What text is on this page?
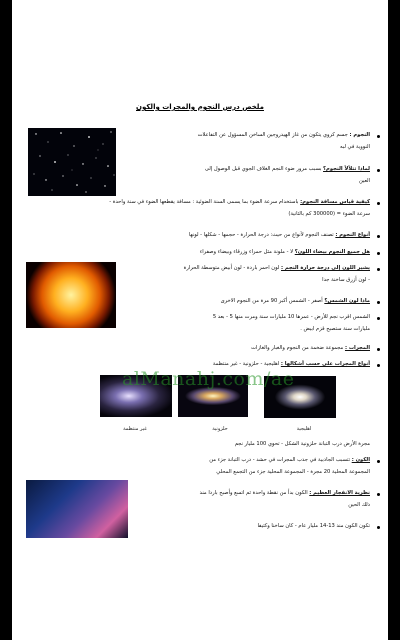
ملخص درس النجوم والمجرات والكون
اهليجية
حلزونية
غير منتظمة
النجوم : جسم كروي يتكون من غاز الهيدروجين الساخن المسؤول عن التفاعلات
النووية في لبه
لماذا تتلألأ النجوم؟ بسبب مرور ضوء النجم الغلاف الجوي قبل الوصول إلى
العين
كيفية قياس مسافة النجوم: باستخدام سرعة الضوء بما يسمى السنة الضوئية : مسافة يقطعها الضوء في سنة واحدة -
سرعة الضوء = (300000 كم بالثانية)
أنواع النجوم : تصنف النجوم لأنواع من حيث: درجة الحرارة - حجمها - شكلها - لونها
هل جميع النجوم بيضاء اللون؟ لا - ملونة مثل حمراء وزرقاء وبيضاء وصفراء
يشير اللون إلى درجة حرارة النجم : لون احمر باردة - لون أبيض متوسطة الحرارة
- لون أزرق ساخنة جدا
ماذا لون الشمس؟ أصفر - الشمس أكبر 90 مرة من النجوم الاخرى
الشمس اقرب نجم للأرض - عمرها 10 مليارات سنة ومرت منها 5 - بعد 5
مليارات سنة ستصبح قزم ابيض .
المجرات : مجموعة ضخمة من النجوم والغبار والغازات
أنواع المجرات على حسب أشكالها : اهليجية - حلزونية - غير منتظمة
مجرة الأرض درب التبانة حلزونية الشكل - تحوي 100 مليار نجم
الكون : تتسبب الجاذبية في جذب المجرات في حشد - درب التبانة جزء من
المجموعة المحلية 20 مجرة - المجموعة المحلية جزء من التجمع المحلي
نظرية الانفجار العظيم : الكون بدأ من نقطة واحدة ثم اتسع وأصبح باردا منذ
ذلك الحين
تكون الكون منذ 13-14 مليار عام - كان ساخنا وكثيفا
alManahj.com/ae
